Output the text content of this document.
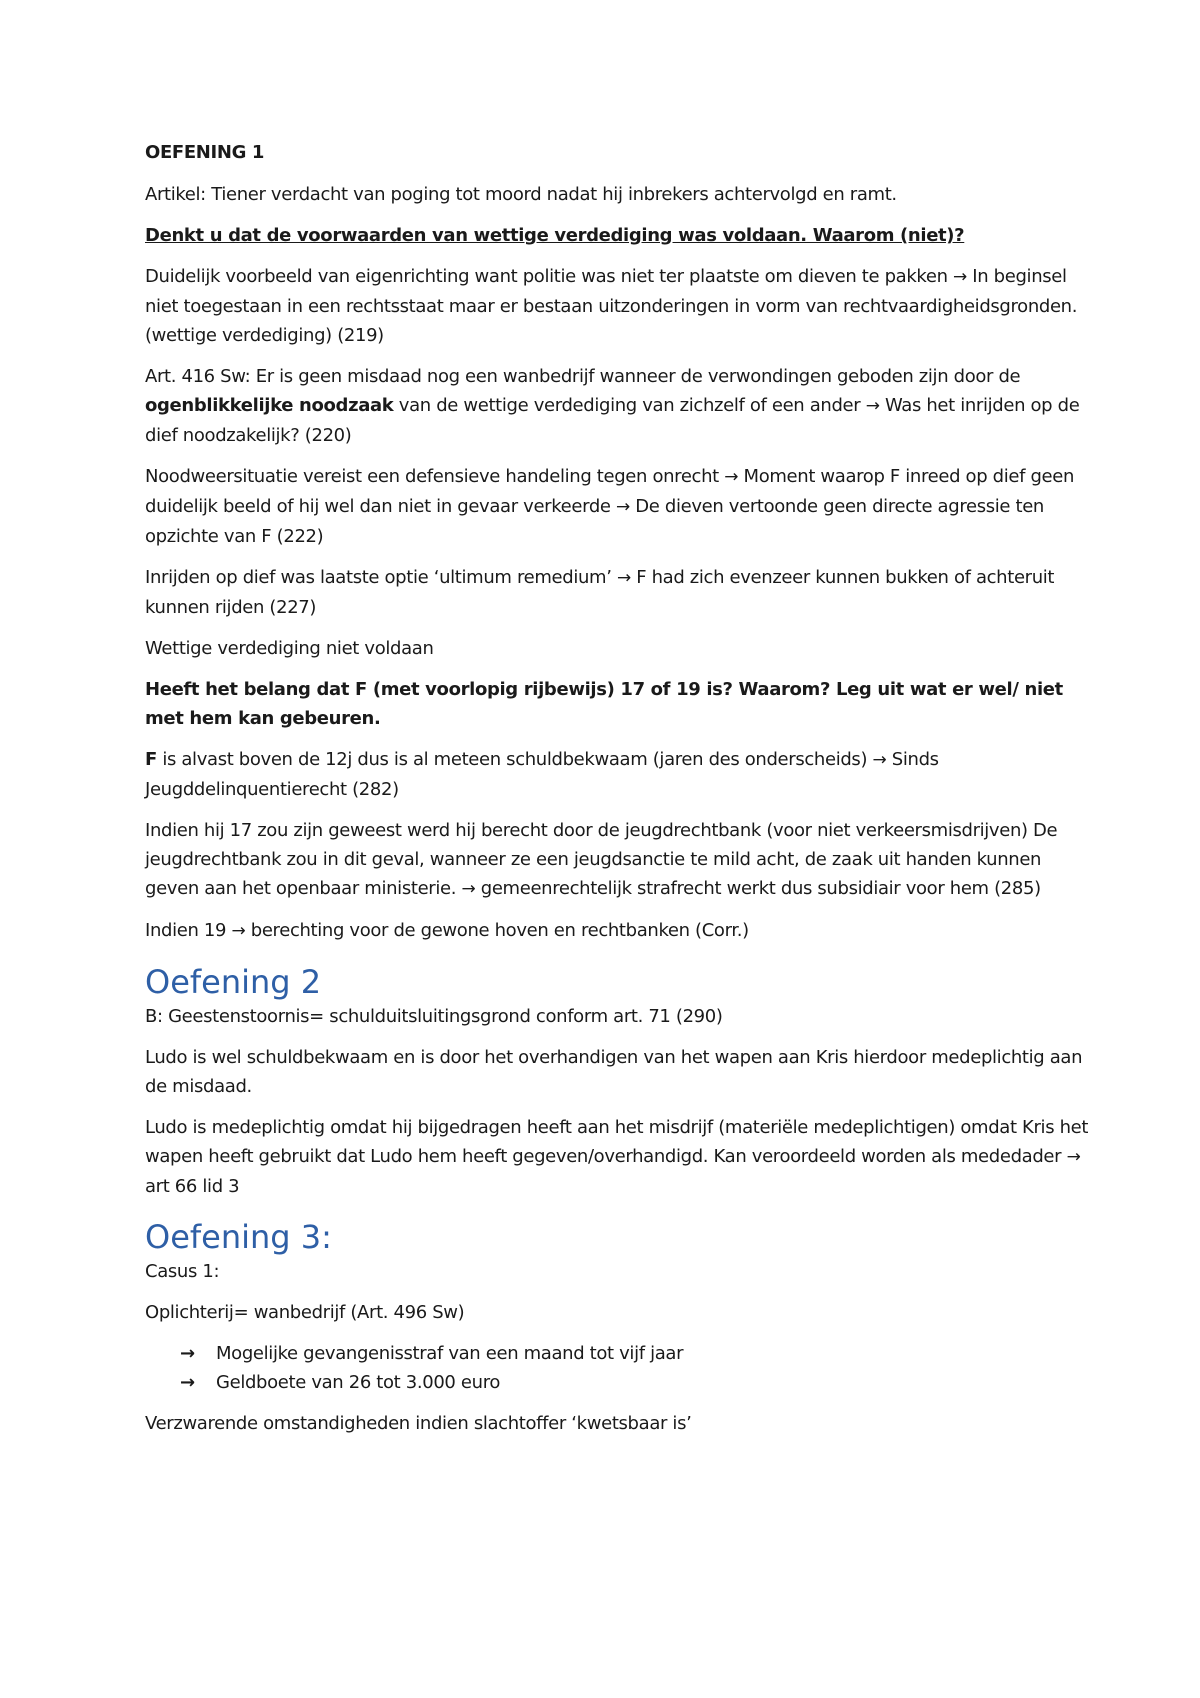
OEFENING 1

Artikel: Tiener verdacht van poging tot moord nadat hij inbrekers achtervolgd en ramt.

Denkt u dat de voorwaarden van wettige verdediging was voldaan. Waarom (niet)?

Duidelijk voorbeeld van eigenrichting want politie was niet ter plaatste om dieven te pakken → In beginsel niet toegestaan in een rechtsstaat maar er bestaan uitzonderingen in vorm van rechtvaardigheidsgronden. (wettige verdediging) (219)

Art. 416 Sw: Er is geen misdaad nog een wanbedrijf wanneer de verwondingen geboden zijn door de ogenblikkelijke noodzaak van de wettige verdediging van zichzelf of een ander → Was het inrijden op de dief noodzakelijk? (220)

Noodweersituatie vereist een defensieve handeling tegen onrecht → Moment waarop F inreed op dief geen duidelijk beeld of hij wel dan niet in gevaar verkeerde → De dieven vertoonde geen directe agressie ten opzichte van F (222)

Inrijden op dief was laatste optie ‘ultimum remedium’ → F had zich evenzeer kunnen bukken of achteruit kunnen rijden (227)

Wettige verdediging niet voldaan

Heeft het belang dat F (met voorlopig rijbewijs) 17 of 19 is? Waarom? Leg uit wat er wel/ niet met hem kan gebeuren.

F is alvast boven de 12j dus is al meteen schuldbekwaam (jaren des onderscheids) → Sinds Jeugddelinquentierecht (282)

Indien hij 17 zou zijn geweest werd hij berecht door de jeugdrechtbank (voor niet verkeersmisdrijven) De jeugdrechtbank zou in dit geval, wanneer ze een jeugdsanctie te mild acht, de zaak uit handen kunnen geven aan het openbaar ministerie. → gemeenrechtelijk strafrecht werkt dus subsidiair voor hem (285)

Indien 19 → berechting voor de gewone hoven en rechtbanken (Corr.)

Oefening 2

B: Geestenstoornis= schulduitsluitingsgrond conform art. 71 (290)

Ludo is wel schuldbekwaam en is door het overhandigen van het wapen aan Kris hierdoor medeplichtig aan de misdaad.

Ludo is medeplichtig omdat hij bijgedragen heeft aan het misdrijf (materiële medeplichtigen) omdat Kris het wapen heeft gebruikt dat Ludo hem heeft gegeven/overhandigd. Kan veroordeeld worden als mededader → art 66 lid 3

Oefening 3:

Casus 1:

Oplichterij= wanbedrijf (Art. 496 Sw)

→	Mogelijke gevangenisstraf van een maand tot vijf jaar
→	Geldboete van 26 tot 3.000 euro

Verzwarende omstandigheden indien slachtoffer ‘kwetsbaar is’
